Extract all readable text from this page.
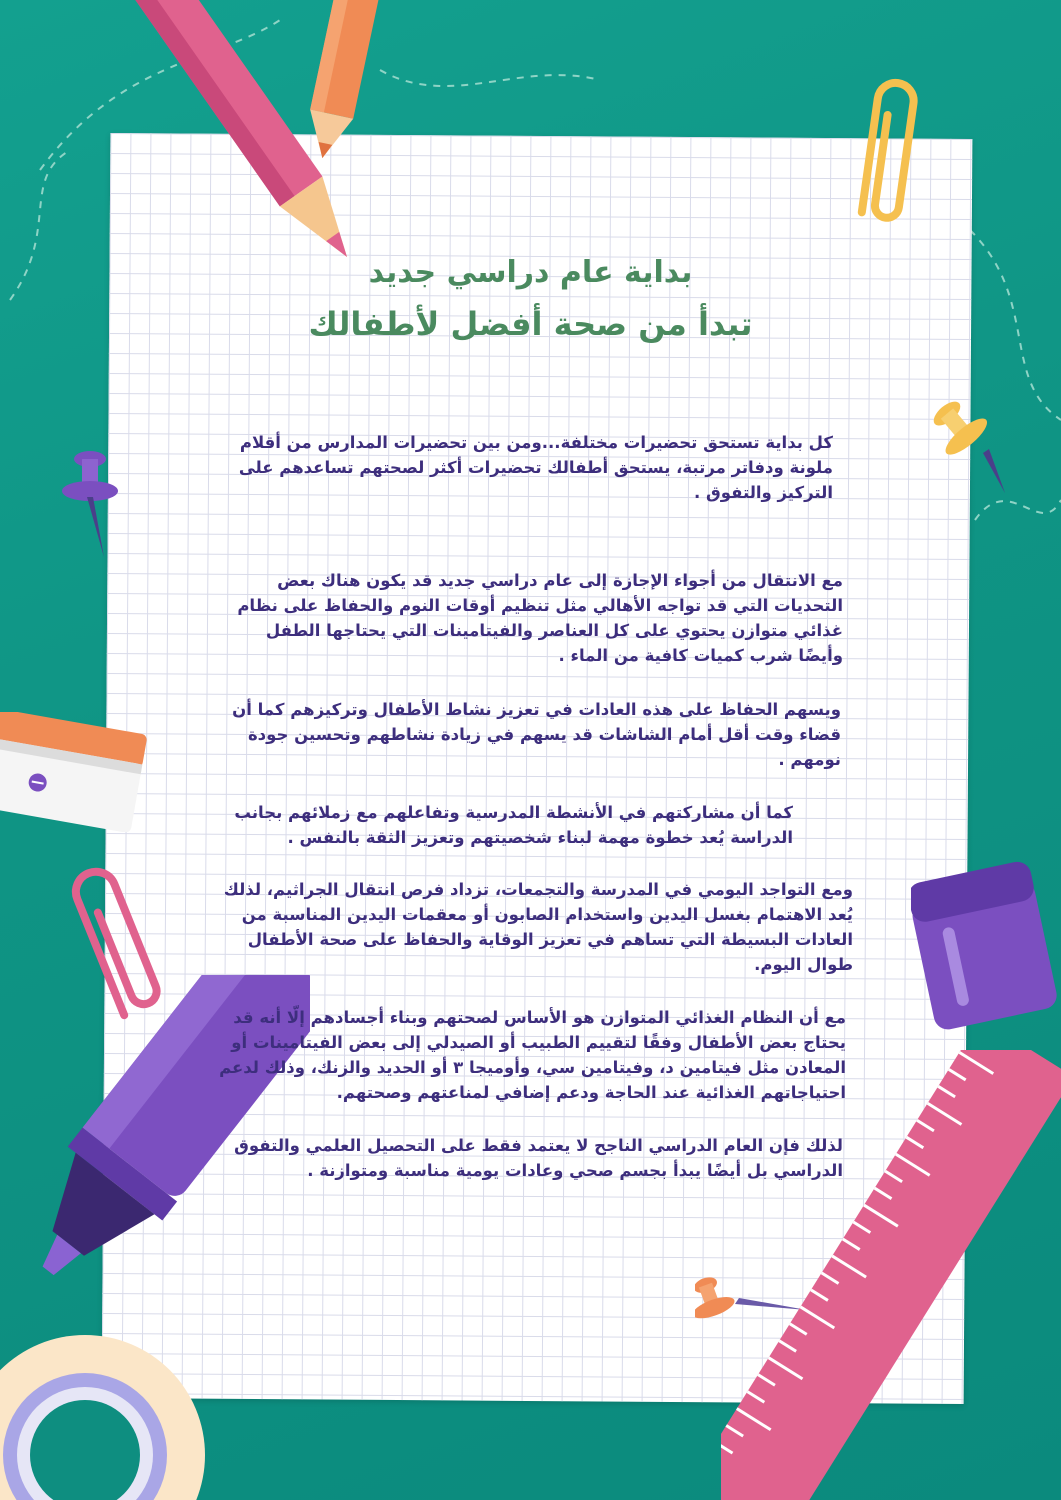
بداية عام دراسي جديد
تبدأ من صحة أفضل لأطفالك

كل بداية تستحق تحضيرات مختلفة...ومن بين تحضيرات المدارس من أقلام ملونة ودفاتر مرتبة، يستحق أطفالك تحضيرات أكثر لصحتهم تساعدهم على التركيز والتفوق .

مع الانتقال من أجواء الإجازة إلى عام دراسي جديد قد يكون هناك بعض التحديات التي قد تواجه الأهالي مثل تنظيم أوقات النوم والحفاظ على نظام غذائي متوازن يحتوي على كل العناصر والفيتامينات التي يحتاجها الطفل وأيضًا شرب كميات كافية من الماء .

ويسهم الحفاظ على هذه العادات في تعزيز نشاط الأطفال وتركيزهم كما أن قضاء وقت أقل أمام الشاشات قد يسهم في زيادة نشاطهم وتحسين جودة نومهم .

كما أن مشاركتهم في الأنشطة المدرسية وتفاعلهم مع زملائهم بجانب الدراسة يُعد خطوة مهمة لبناء شخصيتهم وتعزيز الثقة بالنفس .

ومع التواجد اليومي في المدرسة والتجمعات، تزداد فرص انتقال الجراثيم، لذلك يُعد الاهتمام بغسل اليدين واستخدام الصابون أو معقمات اليدين المناسبة من العادات البسيطة التي تساهم في تعزيز الوقاية والحفاظ على صحة الأطفال طوال اليوم.

مع أن النظام الغذائي المتوازن هو الأساس لصحتهم وبناء أجسادهم إلّا أنه قد يحتاج بعض الأطفال وفقًا لتقييم الطبيب أو الصيدلي إلى بعض الفيتامينات أو المعادن مثل فيتامين د، وفيتامين سي، وأوميجا ٣ أو الحديد والزنك، وذلك لدعم احتياجاتهم الغذائية عند الحاجة ودعم إضافي لمناعتهم وصحتهم.

لذلك فإن العام الدراسي الناجح لا يعتمد فقط على التحصيل العلمي والتفوق الدراسي بل أيضًا يبدأ بجسم صحي وعادات يومية مناسبة ومتوازنة .
